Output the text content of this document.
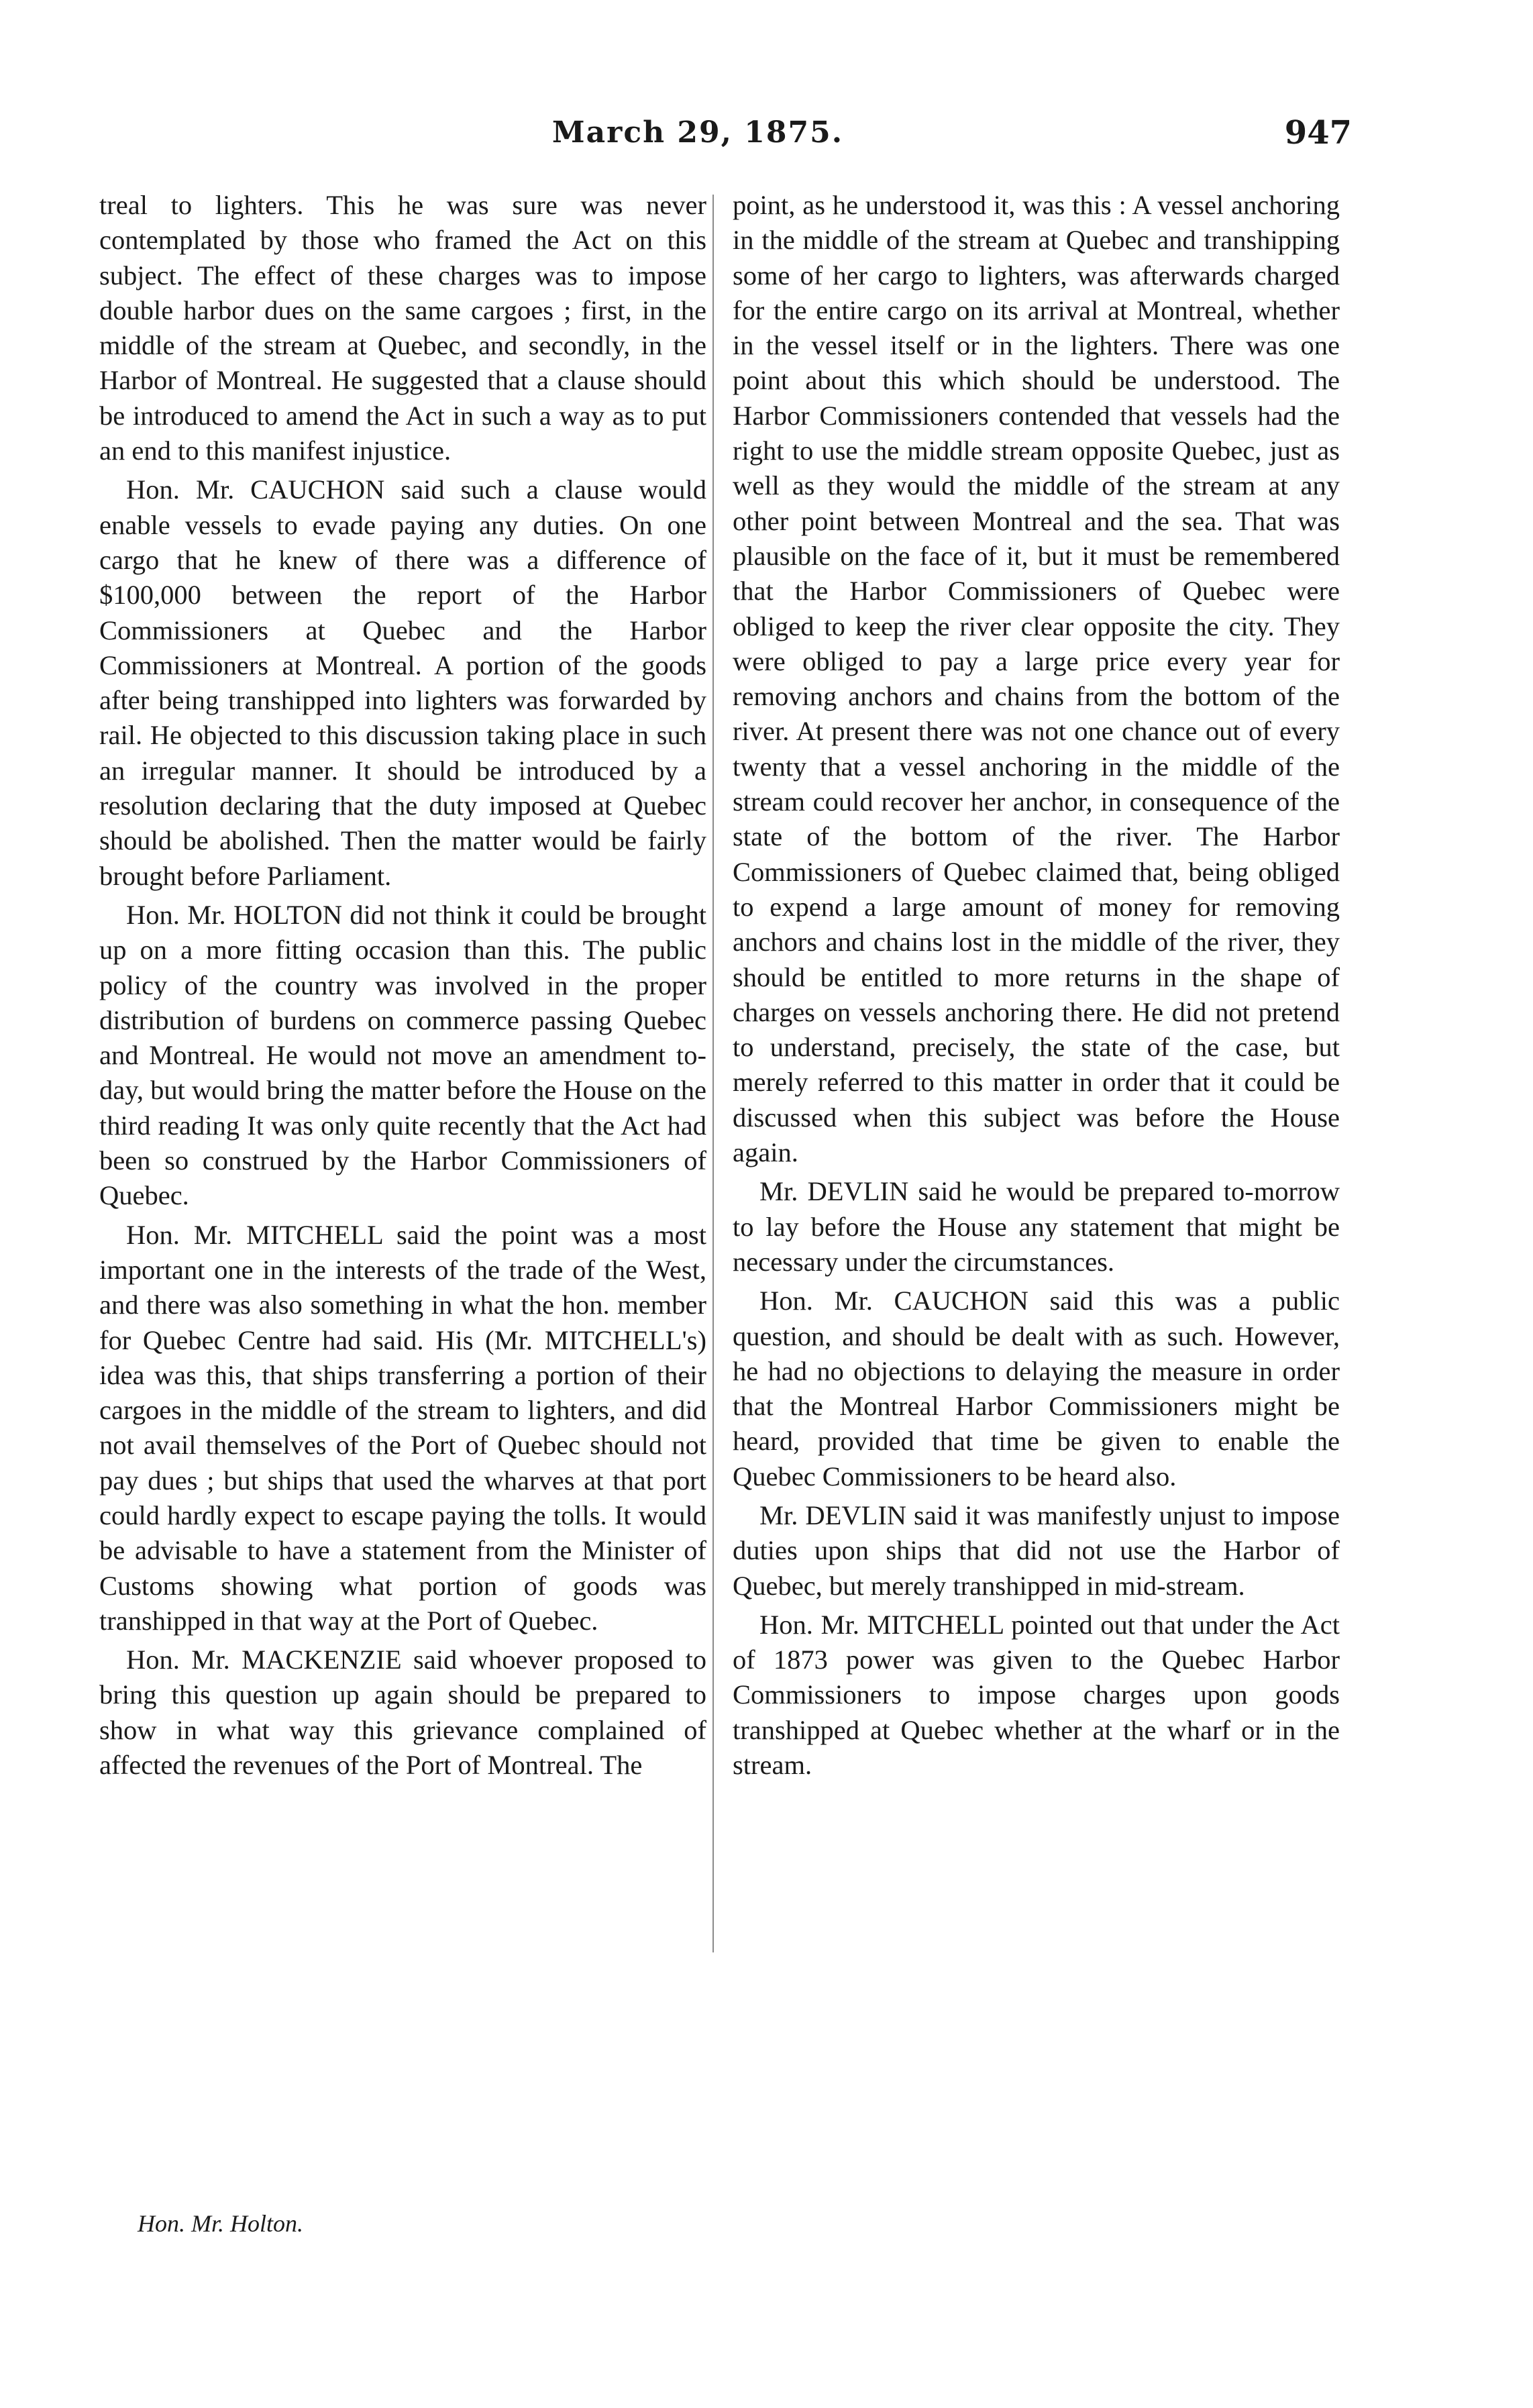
March 29, 1875.	947

treal to lighters. This he was sure was never contemplated by those who framed the Act on this subject. The effect of these charges was to impose double harbor dues on the same cargoes ; first, in the middle of the stream at Quebec, and secondly, in the Harbor of Montreal. He suggested that a clause should be introduced to amend the Act in such a way as to put an end to this manifest injustice.

Hon. Mr. CAUCHON said such a clause would enable vessels to evade paying any duties. On one cargo that he knew of there was a difference of $100,000 between the report of the Harbor Commissioners at Quebec and the Harbor Commissioners at Montreal. A portion of the goods after being transhipped into lighters was forwarded by rail. He objected to this discussion taking place in such an irregular manner. It should be introduced by a resolution declaring that the duty imposed at Quebec should be abolished. Then the matter would be fairly brought before Parliament.

Hon. Mr. HOLTON did not think it could be brought up on a more fitting occasion than this. The public policy of the country was involved in the proper distribution of burdens on commerce passing Quebec and Montreal. He would not move an amendment to-day, but would bring the matter before the House on the third reading It was only quite recently that the Act had been so construed by the Harbor Commissioners of Quebec.

Hon. Mr. MITCHELL said the point was a most important one in the interests of the trade of the West, and there was also something in what the hon. member for Quebec Centre had said. His (Mr. MITCHELL's) idea was this, that ships transferring a portion of their cargoes in the middle of the stream to lighters, and did not avail themselves of the Port of Quebec should not pay dues ; but ships that used the wharves at that port could hardly expect to escape paying the tolls. It would be advisable to have a statement from the Minister of Customs showing what portion of goods was transhipped in that way at the Port of Quebec.

Hon. Mr. MACKENZIE said whoever proposed to bring this question up again should be prepared to show in what way this grievance complained of affected the revenues of the Port of Montreal. The

point, as he understood it, was this : A vessel anchoring in the middle of the stream at Quebec and transhipping some of her cargo to lighters, was afterwards charged for the entire cargo on its arrival at Montreal, whether in the vessel itself or in the lighters. There was one point about this which should be understood. The Harbor Commissioners contended that vessels had the right to use the middle stream opposite Quebec, just as well as they would the middle of the stream at any other point between Montreal and the sea. That was plausible on the face of it, but it must be remembered that the Harbor Commissioners of Quebec were obliged to keep the river clear opposite the city. They were obliged to pay a large price every year for removing anchors and chains from the bottom of the river. At present there was not one chance out of every twenty that a vessel anchoring in the middle of the stream could recover her anchor, in consequence of the state of the bottom of the river. The Harbor Commissioners of Quebec claimed that, being obliged to expend a large amount of money for removing anchors and chains lost in the middle of the river, they should be entitled to more returns in the shape of charges on vessels anchoring there. He did not pretend to understand, precisely, the state of the case, but merely referred to this matter in order that it could be discussed when this subject was before the House again.

Mr. DEVLIN said he would be prepared to-morrow to lay before the House any statement that might be necessary under the circumstances.

Hon. Mr. CAUCHON said this was a public question, and should be dealt with as such. However, he had no objections to delaying the measure in order that the Montreal Harbor Commissioners might be heard, provided that time be given to enable the Quebec Commissioners to be heard also.

Mr. DEVLIN said it was manifestly unjust to impose duties upon ships that did not use the Harbor of Quebec, but merely transhipped in mid-stream.

Hon. Mr. MITCHELL pointed out that under the Act of 1873 power was given to the Quebec Harbor Commissioners to impose charges upon goods transhipped at Quebec whether at the wharf or in the stream.

Hon. Mr. Holton.
